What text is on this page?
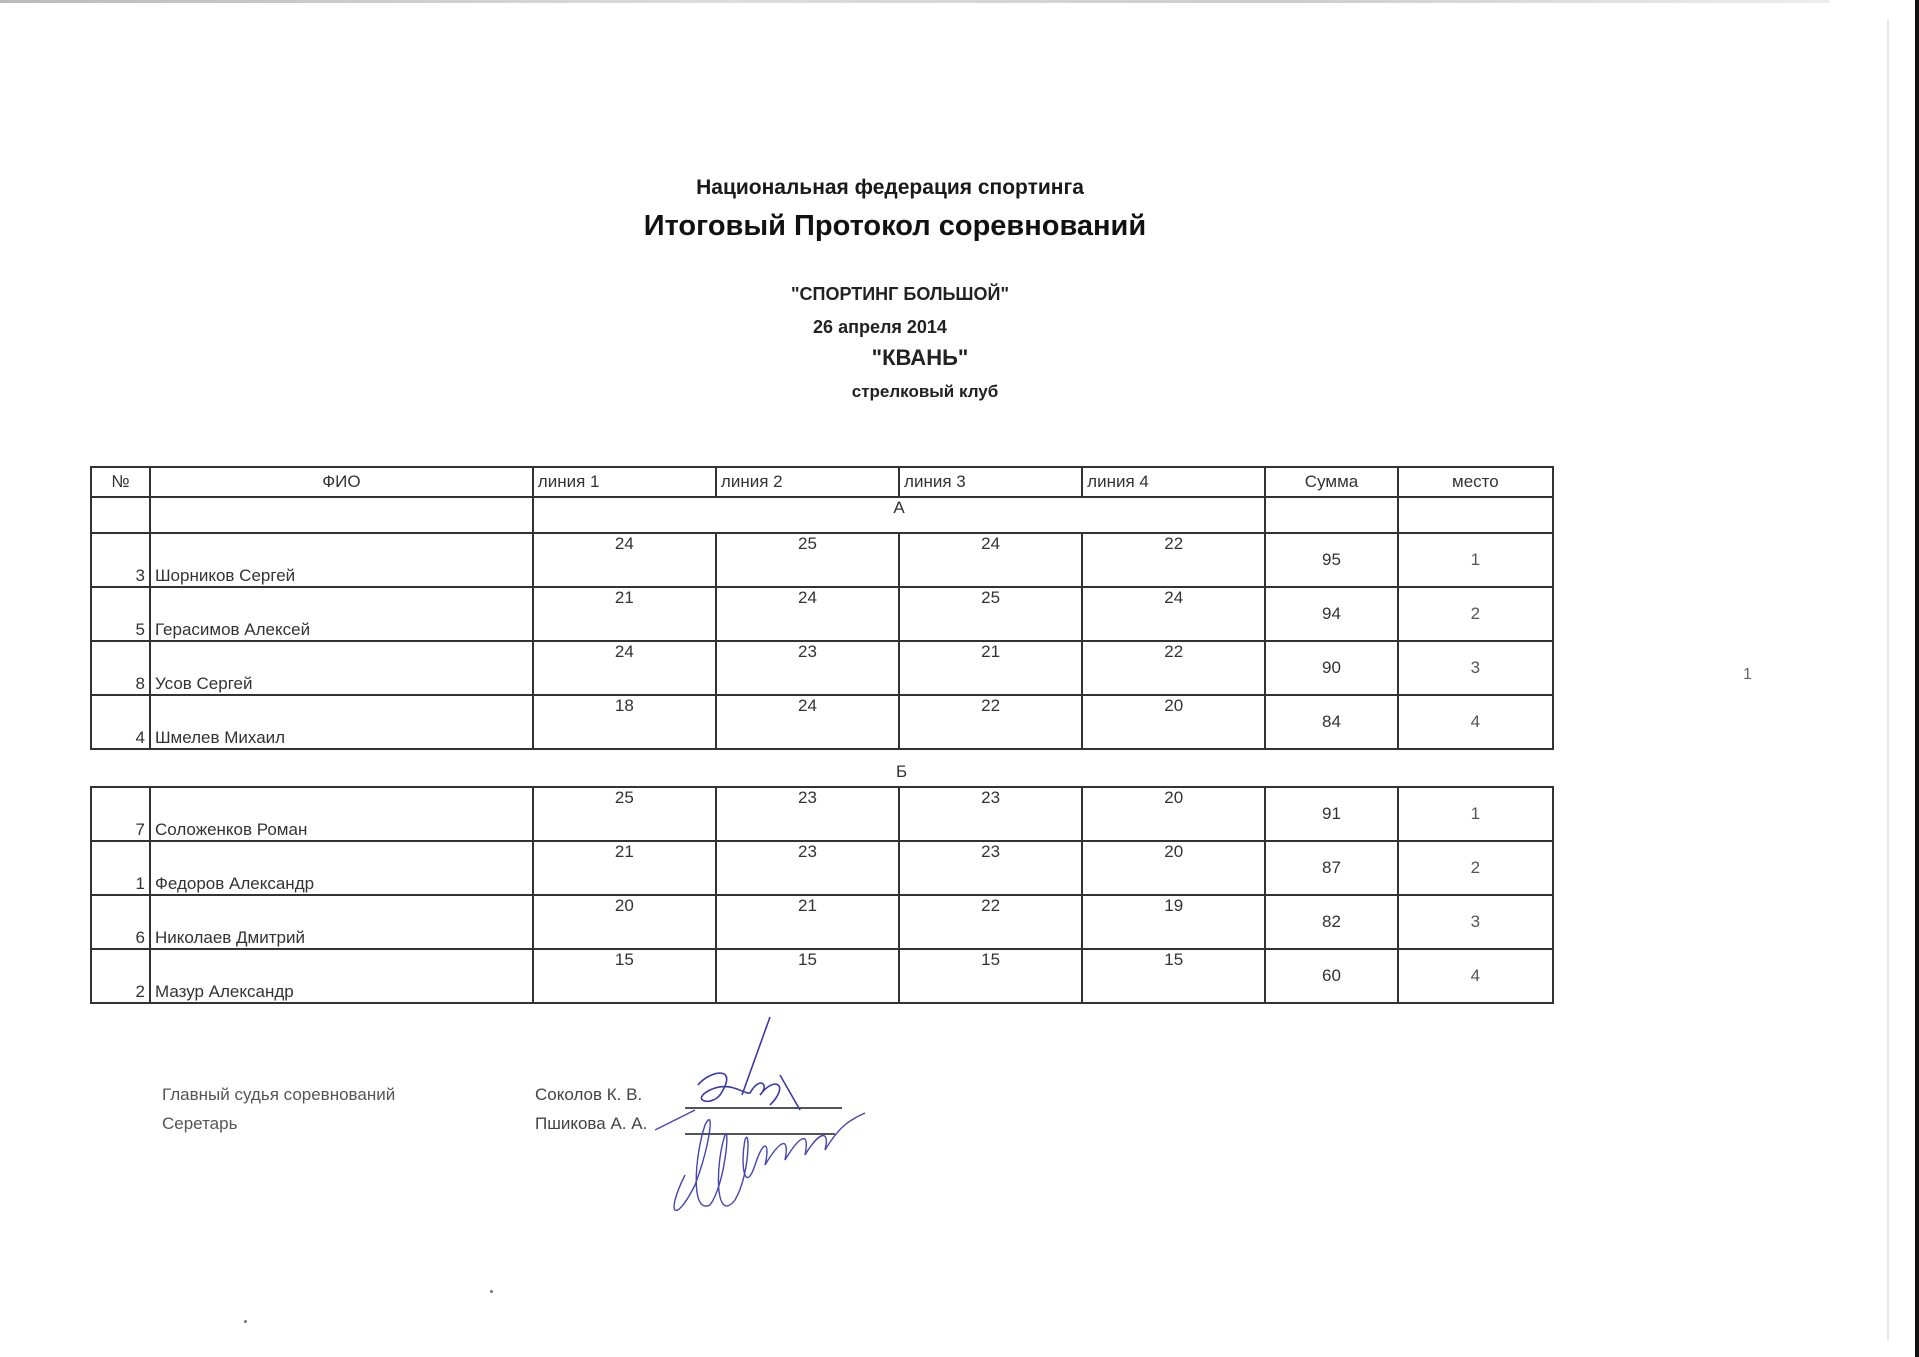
Национальная федерация спортинга
Итоговый Протокол соревнований
"СПОРТИНГ БОЛЬШОЙ"
26 апреля 2014
"КВАНЬ"
стрелковый клуб
№	ФИО	линия 1	линия 2	линия 3	линия 4	Сумма	место
		А					
3	Шорников Сергей	24	25	24	22	95	1
5	Герасимов Алексей	21	24	25	24	94	2
8	Усов Сергей	24	23	21	22	90	3
4	Шмелев Михаил	18	24	22	20	84	4
Б
7	Соложенков Роман	25	23	23	20	91	1
1	Федоров Александр	21	23	23	20	87	2
6	Николаев Дмитрий	20	21	22	19	82	3
2	Мазур Александр	15	15	15	15	60	4
1
Главный судья соревнований
Серетарь
Соколов К. В.
Пшикова А. А.
